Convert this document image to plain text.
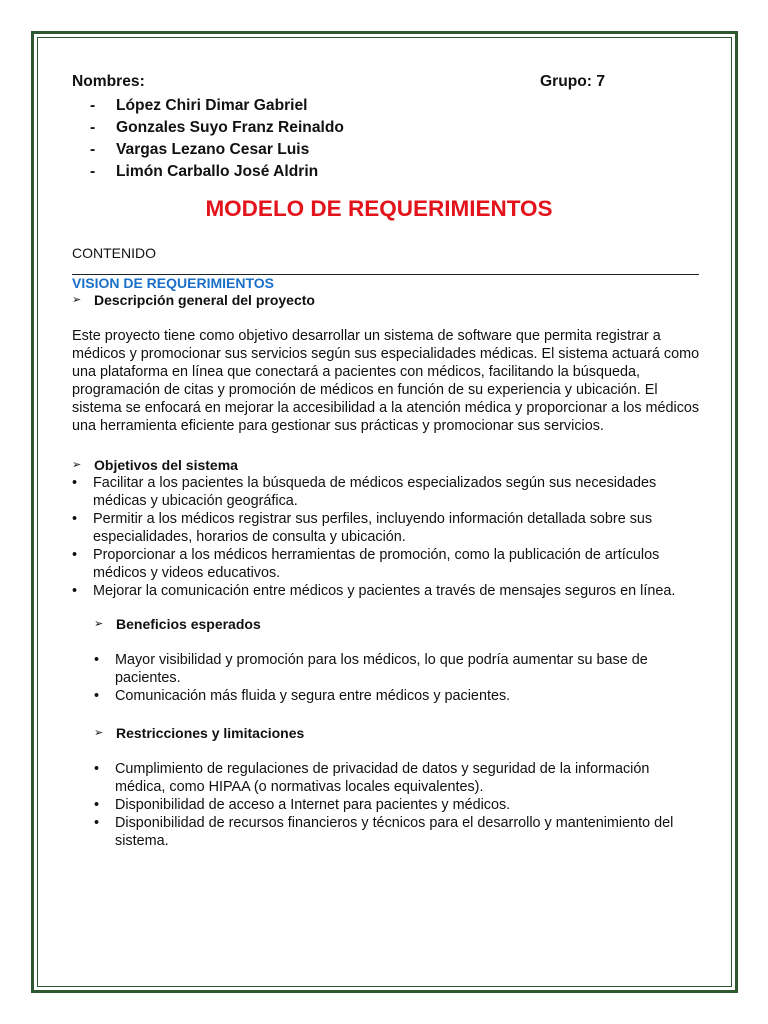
Nombres:	Grupo: 7
- López Chiri Dimar Gabriel
- Gonzales Suyo Franz Reinaldo
- Vargas Lezano Cesar Luis
- Limón Carballo José Aldrin
MODELO DE REQUERIMIENTOS
CONTENIDO
VISION DE REQUERIMIENTOS
➢ Descripción general del proyecto
Este proyecto tiene como objetivo desarrollar un sistema de software que permita registrar a médicos y promocionar sus servicios según sus especialidades médicas. El sistema actuará como una plataforma en línea que conectará a pacientes con médicos, facilitando la búsqueda, programación de citas y promoción de médicos en función de su experiencia y ubicación. El sistema se enfocará en mejorar la accesibilidad a la atención médica y proporcionar a los médicos una herramienta eficiente para gestionar sus prácticas y promocionar sus servicios.
➢ Objetivos del sistema
• Facilitar a los pacientes la búsqueda de médicos especializados según sus necesidades médicas y ubicación geográfica.
• Permitir a los médicos registrar sus perfiles, incluyendo información detallada sobre sus especialidades, horarios de consulta y ubicación.
• Proporcionar a los médicos herramientas de promoción, como la publicación de artículos médicos y videos educativos.
• Mejorar la comunicación entre médicos y pacientes a través de mensajes seguros en línea.
➢ Beneficios esperados
• Mayor visibilidad y promoción para los médicos, lo que podría aumentar su base de pacientes.
• Comunicación más fluida y segura entre médicos y pacientes.
➢ Restricciones y limitaciones
• Cumplimiento de regulaciones de privacidad de datos y seguridad de la información médica, como HIPAA (o normativas locales equivalentes).
• Disponibilidad de acceso a Internet para pacientes y médicos.
• Disponibilidad de recursos financieros y técnicos para el desarrollo y mantenimiento del sistema.
